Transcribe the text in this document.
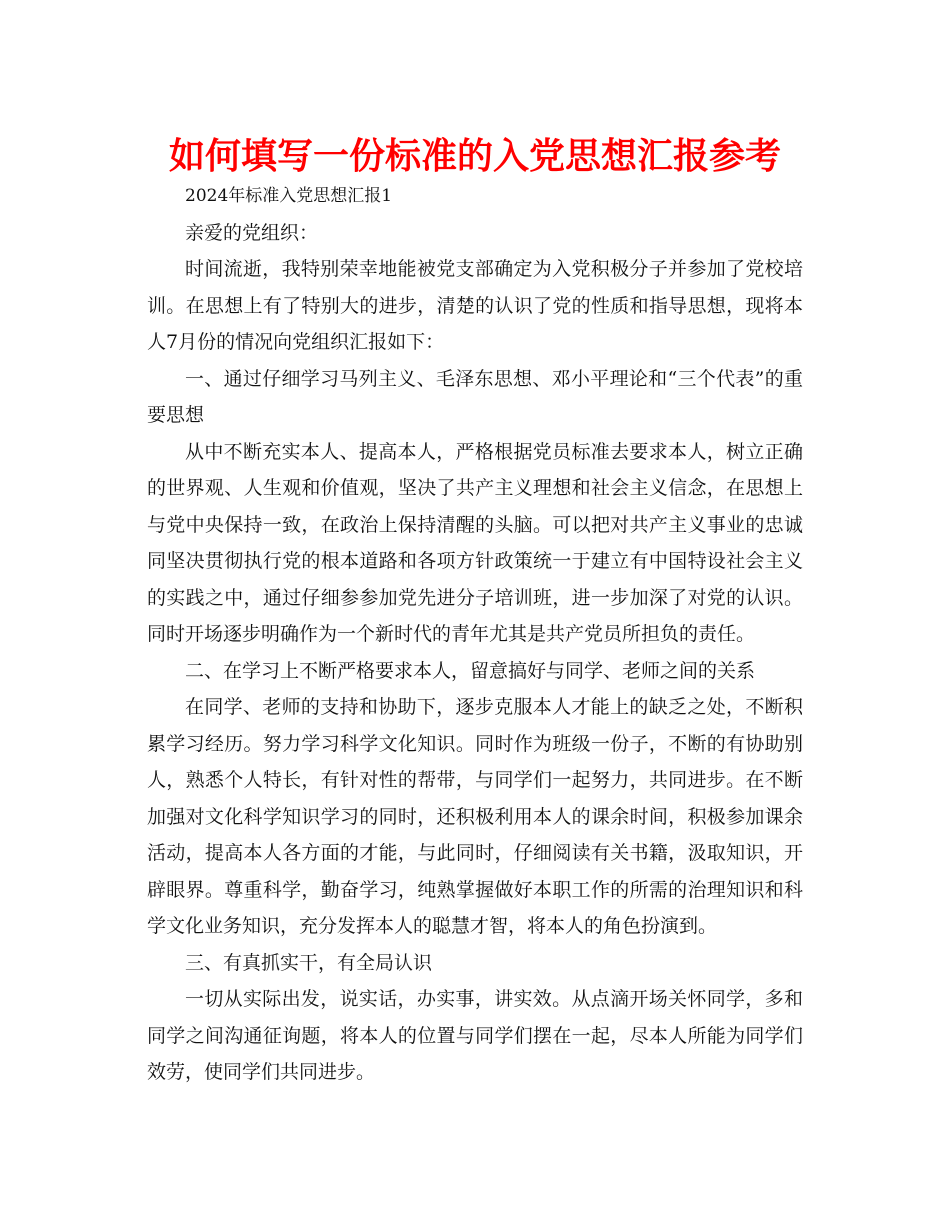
如何填写一份标准的入党思想汇报参考

2024年标准入党思想汇报1

亲爱的党组织：

时间流逝，我特别荣幸地能被党支部确定为入党积极分子并参加了党校培训。在思想上有了特别大的进步，清楚的认识了党的性质和指导思想，现将本人7月份的情况向党组织汇报如下：

一、通过仔细学习马列主义、毛泽东思想、邓小平理论和“三个代表”的重要思想

从中不断充实本人、提高本人，严格根据党员标准去要求本人，树立正确的世界观、人生观和价值观，坚决了共产主义理想和社会主义信念，在思想上与党中央保持一致，在政治上保持清醒的头脑。可以把对共产主义事业的忠诚同坚决贯彻执行党的根本道路和各项方针政策统一于建立有中国特设社会主义的实践之中，通过仔细参参加党先进分子培训班，进一步加深了对党的认识。同时开场逐步明确作为一个新时代的青年尤其是共产党员所担负的责任。

二、在学习上不断严格要求本人，留意搞好与同学、老师之间的关系

在同学、老师的支持和协助下，逐步克服本人才能上的缺乏之处，不断积累学习经历。努力学习科学文化知识。同时作为班级一份子，不断的有协助别人，熟悉个人特长，有针对性的帮带，与同学们一起努力，共同进步。在不断加强对文化科学知识学习的同时，还积极利用本人的课余时间，积极参加课余活动，提高本人各方面的才能，与此同时，仔细阅读有关书籍，汲取知识，开辟眼界。尊重科学，勤奋学习，纯熟掌握做好本职工作的所需的治理知识和科学文化业务知识，充分发挥本人的聪慧才智，将本人的角色扮演到。

三、有真抓实干，有全局认识

一切从实际出发，说实话，办实事，讲实效。从点滴开场关怀同学，多和同学之间沟通征询题，将本人的位置与同学们摆在一起，尽本人所能为同学们效劳，使同学们共同进步。
